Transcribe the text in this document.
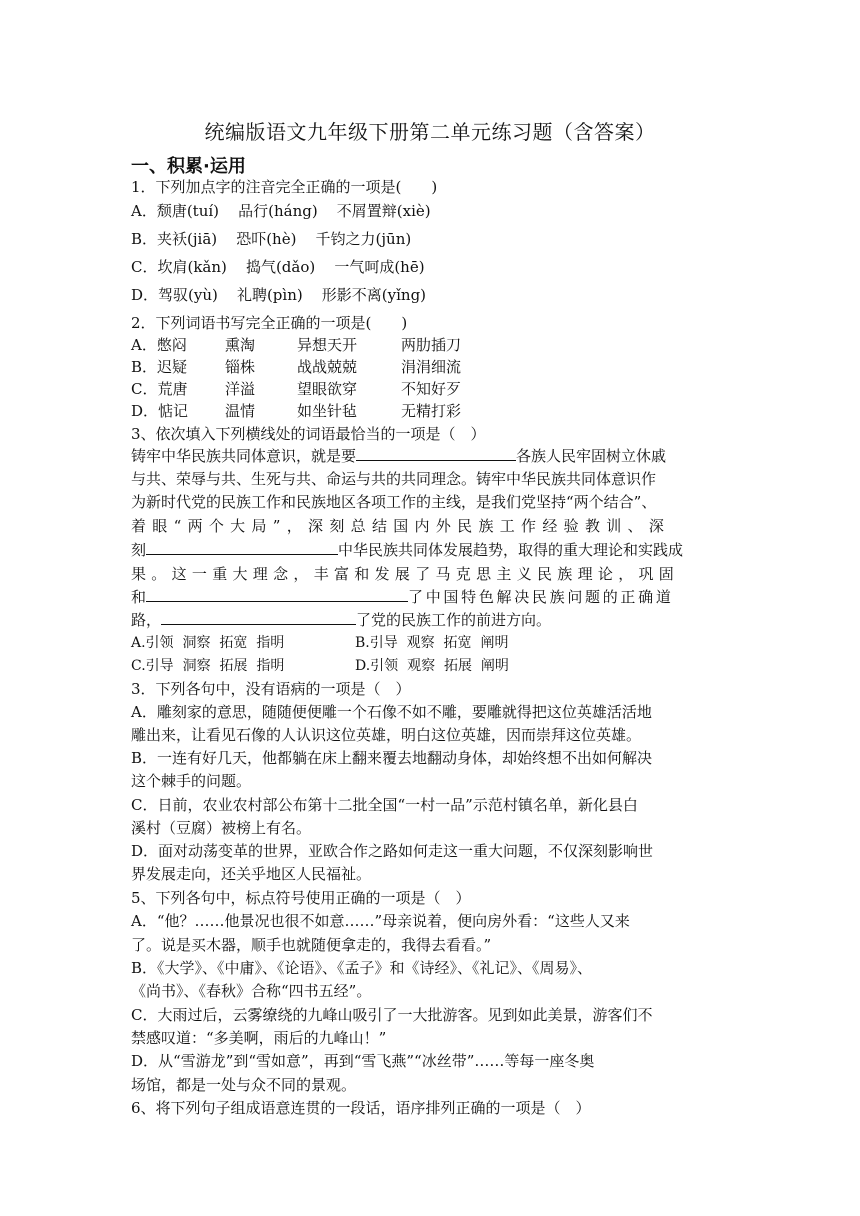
统编版语文九年级下册第二单元练习题（含答案）
一、积累·运用
1．下列加点字的注音完全正确的一项是(　　)
A．颓唐(tuí) 品行(háng) 不屑置辩(xiè)
B．夹袄(jiā) 恐吓(hè) 千钧之力(jūn)
C．坎肩(kǎn) 捣气(dǎo) 一气呵成(hē)
D．驾驭(yù) 礼聘(pìn) 形影不离(yǐng)
2．下列词语书写完全正确的一项是(　　)
A．憋闷	熏淘	异想天开	两肋插刀
B．迟疑	锱株	战战兢兢	涓涓细流
C．荒唐	洋溢	望眼欲穿	不知好歹
D．惦记 温情	如坐针毡	无精打彩
3、依次填入下列横线处的词语最恰当的一项是（　）
铸牢中华民族共同体意识，就是要	各族人民牢固树立休戚
与共、荣辱与共、生死与共、命运与共的共同理念。铸牢中华民族共同体意识作
为新时代党的民族工作和民族地区各项工作的主线，是我们党坚持“两个结合”、
着眼“两个大局”，深刻总结国内外民族工作经验教训、深
刻	中华民族共同体发展趋势，取得的重大理论和实践成
果。这一重大理念，丰富和发展了马克思主义民族理论，巩固
和	了中国特色解决民族问题的正确道
路，	了党的民族工作的前进方向。
A.引领  洞察  拓宽  指明	B.引导  观察  拓宽  阐明
C.引导  洞察  拓展  指明	D.引领  观察  拓展  阐明
3．下列各句中，没有语病的一项是（　）
A．雕刻家的意思，随随便便雕一个石像不如不雕，要雕就得把这位英雄活活地
雕出来，让看见石像的人认识这位英雄，明白这位英雄，因而崇拜这位英雄。
B．一连有好几天，他都躺在床上翻来覆去地翻动身体，却始终想不出如何解决
这个棘手的问题。
C．日前，农业农村部公布第十二批全国“一村一品”示范村镇名单，新化县白
溪村（豆腐）被榜上有名。
D．面对动荡变革的世界，亚欧合作之路如何走这一重大问题，不仅深刻影响世
界发展走向，还关乎地区人民福祉。
5、下列各句中，标点符号使用正确的一项是（　）
A．“他？……他景况也很不如意……”母亲说着，便向房外看：“这些人又来
了。说是买木器，顺手也就随便拿走的，我得去看看。”
B．《大学》、《中庸》、《论语》、《孟子》和《诗经》、《礼记》、《周易》、
《尚书》、《春秋》合称“四书五经”。
C．大雨过后，云雾缭绕的九峰山吸引了一大批游客。见到如此美景，游客们不
禁感叹道：“多美啊，雨后的九峰山！”
D．从“雪游龙”到“雪如意”，再到“雪飞燕”“冰丝带”……等每一座冬奥
场馆，都是一处与众不同的景观。
6、将下列句子组成语意连贯的一段话，语序排列正确的一项是（　）
